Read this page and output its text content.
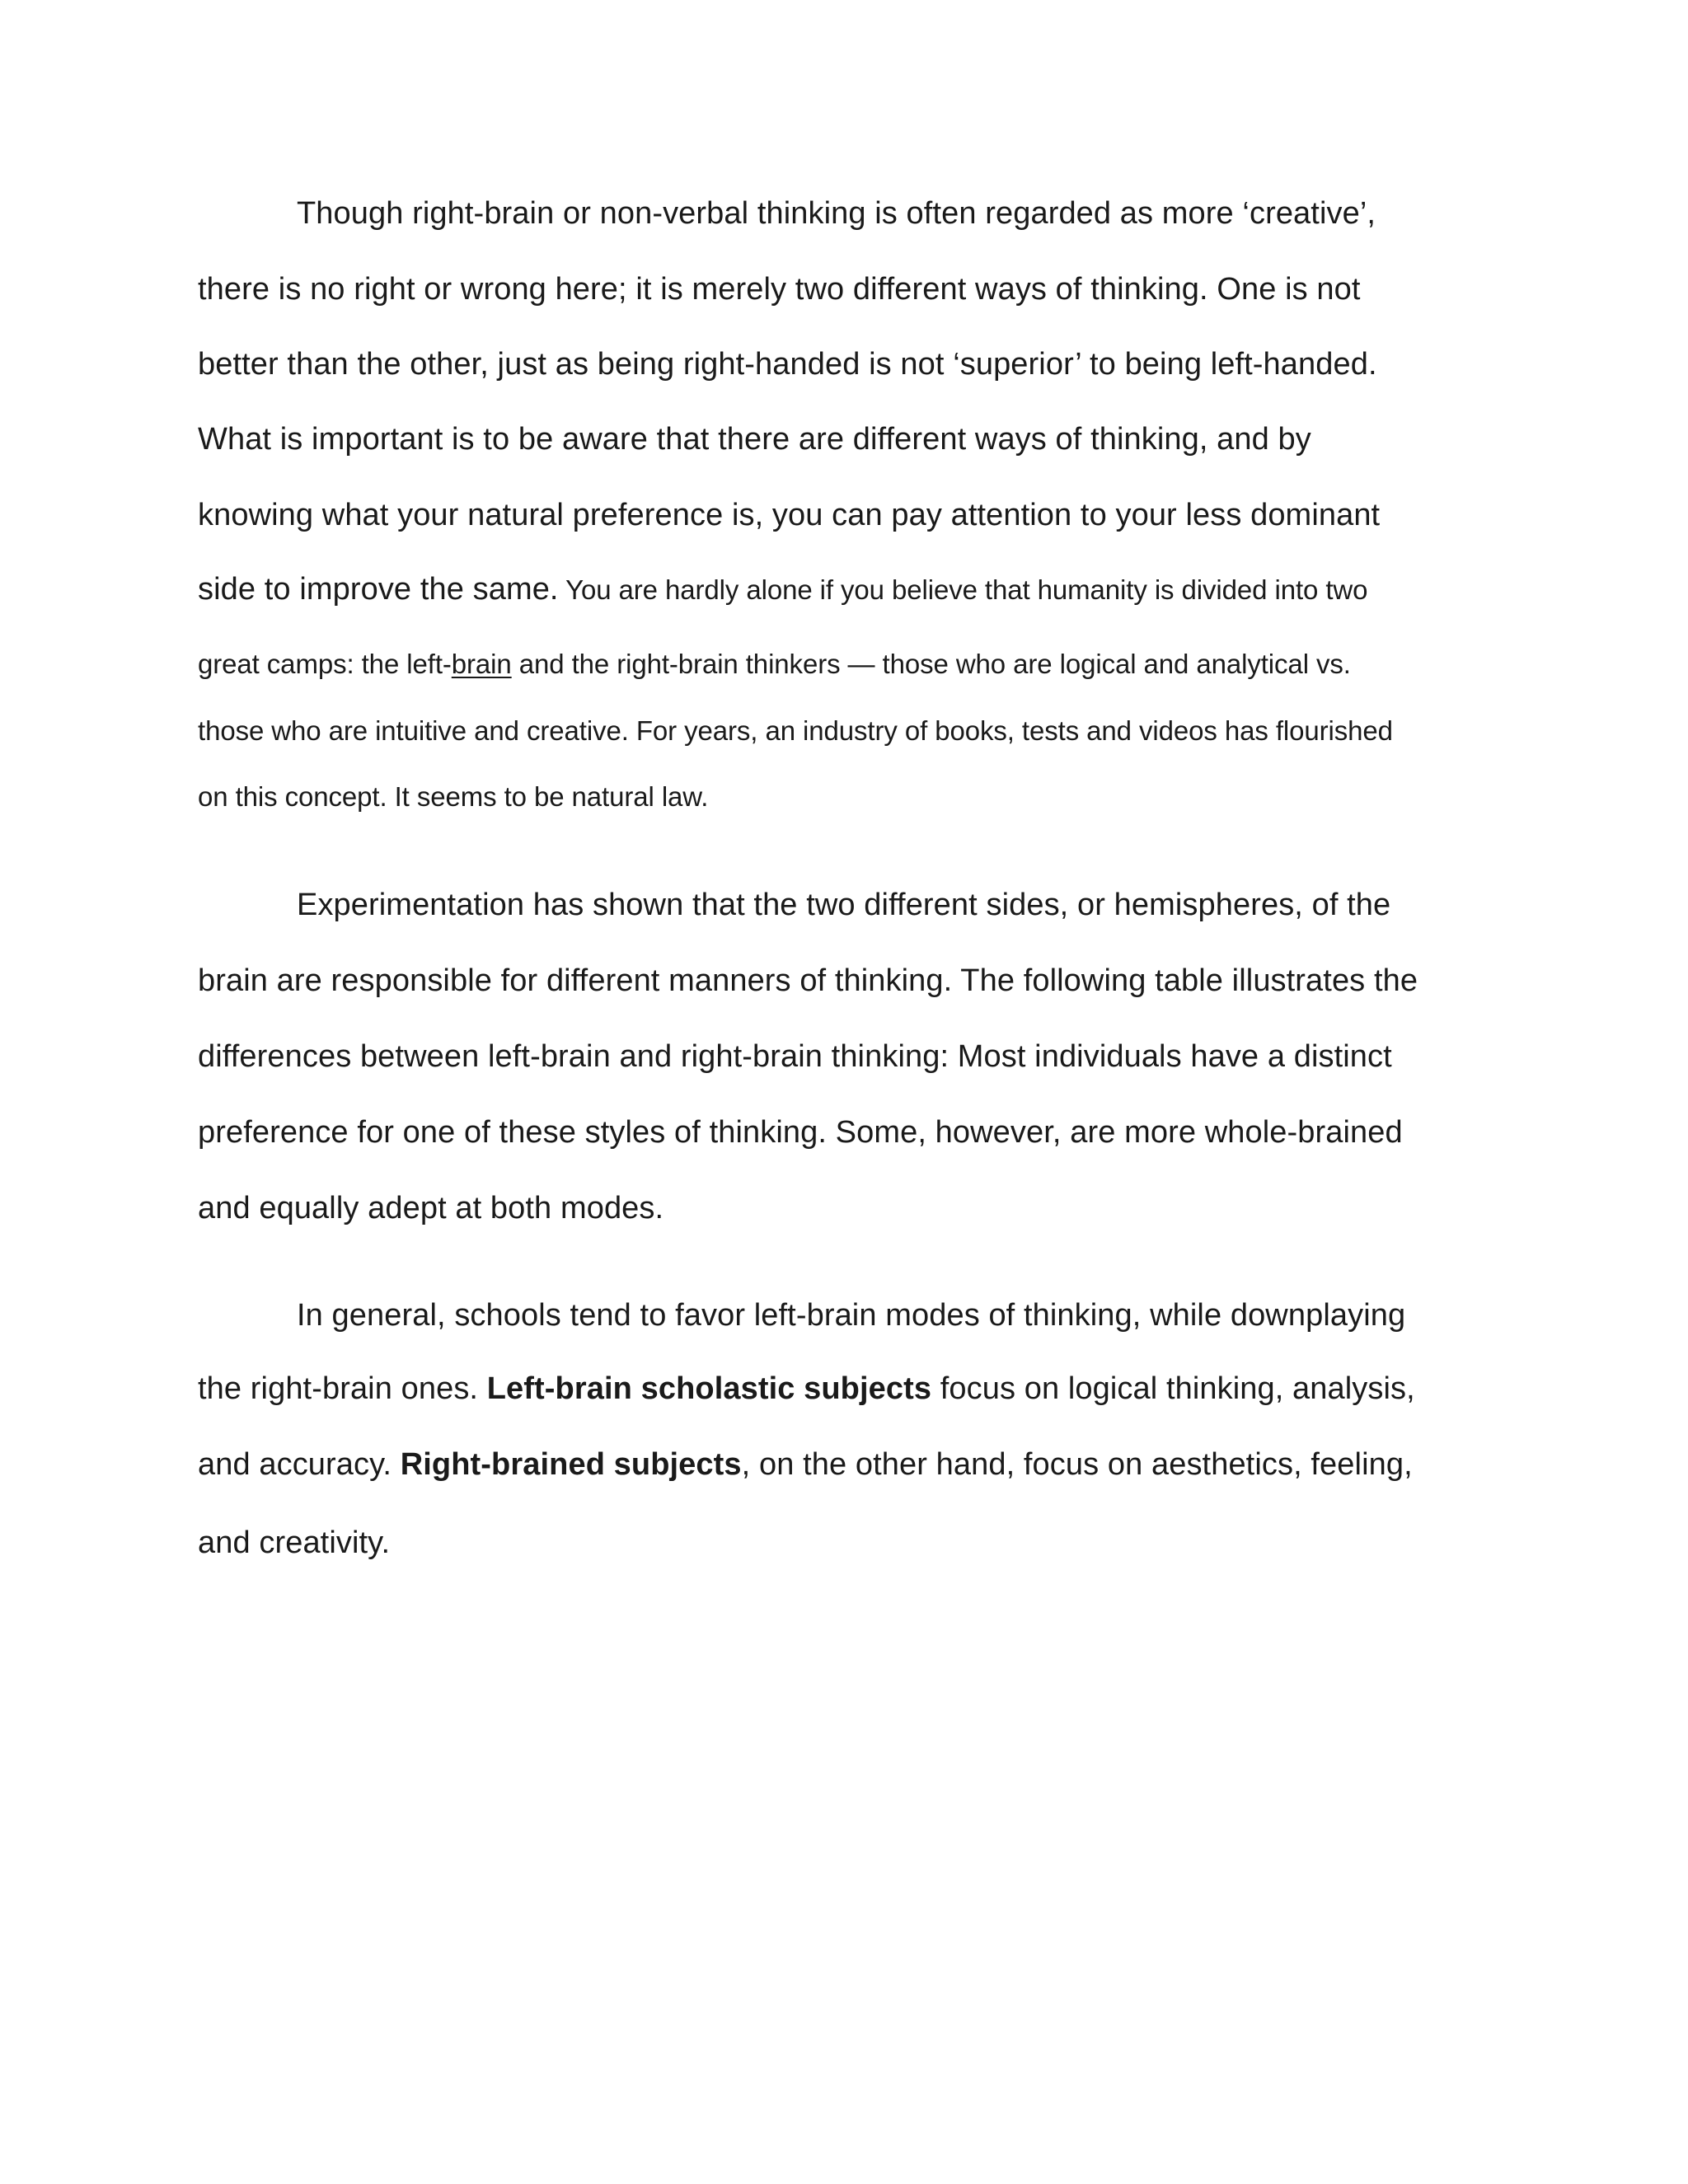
Though right-brain or non-verbal thinking is often regarded as more ‘creative’,

there is no right or wrong here; it is merely two different ways of thinking. One is not

better than the other, just as being right-handed is not ‘superior’ to being left-handed.

What is important is to be aware that there are different ways of thinking, and by

knowing what your natural preference is, you can pay attention to your less dominant

side to improve the same. You are hardly alone if you believe that humanity is divided into two

great camps: the left-brain and the right-brain thinkers — those who are logical and analytical vs.

those who are intuitive and creative. For years, an industry of books, tests and videos has flourished

on this concept. It seems to be natural law.

Experimentation has shown that the two different sides, or hemispheres, of the

brain are responsible for different manners of thinking. The following table illustrates the

differences between left-brain and right-brain thinking: Most individuals have a distinct

preference for one of these styles of thinking. Some, however, are more whole-brained

and equally adept at both modes.

In general, schools tend to favor left-brain modes of thinking, while downplaying

the right-brain ones. Left-brain scholastic subjects focus on logical thinking, analysis,

and accuracy. Right-brained subjects, on the other hand, focus on aesthetics, feeling,

and creativity.
